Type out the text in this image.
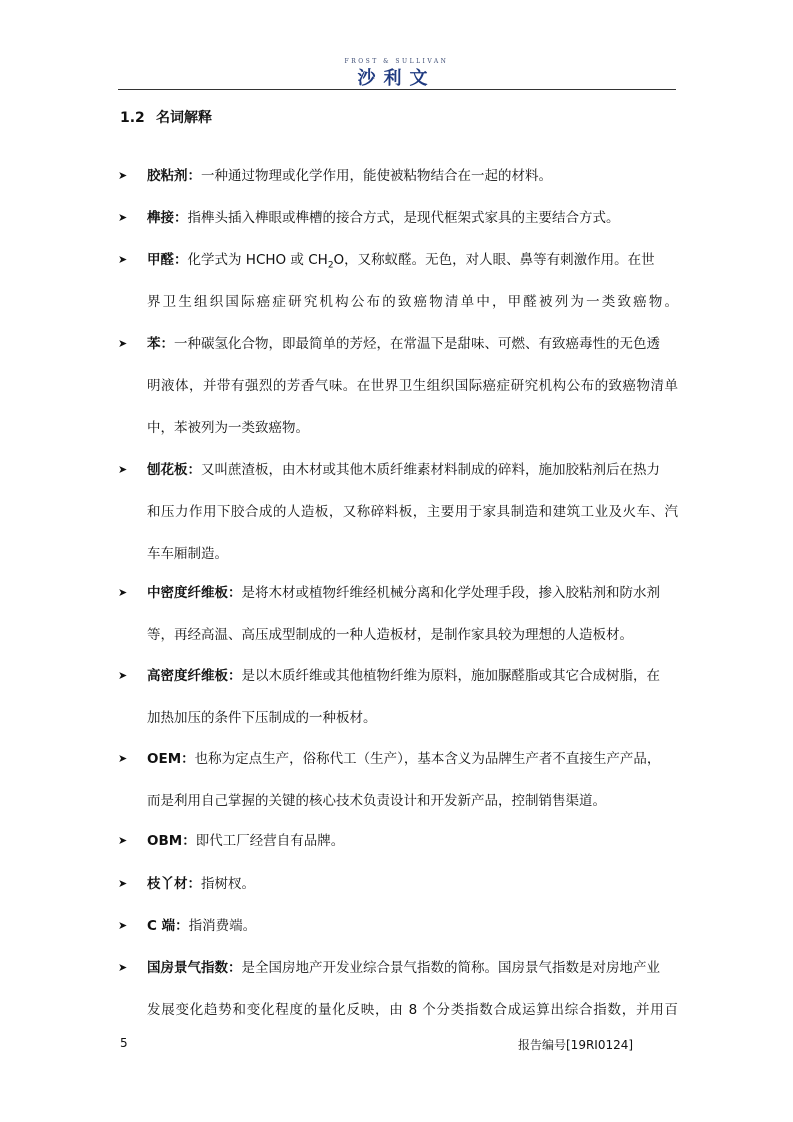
FROST & SULLIVAN
沙利文
1.2 名词解释
➤	胶粘剂：一种通过物理或化学作用，能使被粘物结合在一起的材料。
➤	榫接：指榫头插入榫眼或榫槽的接合方式，是现代框架式家具的主要结合方式。
➤	甲醛：化学式为 HCHO 或 $CH_2O$，又称蚁醛。无色，对人眼、鼻等有刺激作用。在世
界卫生组织国际癌症研究机构公布的致癌物清单中，甲醛被列为一类致癌物。
➤	苯：一种碳氢化合物，即最简单的芳烃，在常温下是甜味、可燃、有致癌毒性的无色透
明液体，并带有强烈的芳香气味。在世界卫生组织国际癌症研究机构公布的致癌物清单
中，苯被列为一类致癌物。
➤	刨花板：又叫蔗渣板，由木材或其他木质纤维素材料制成的碎料，施加胶粘剂后在热力
和压力作用下胶合成的人造板，又称碎料板，主要用于家具制造和建筑工业及火车、汽
车车厢制造。
➤	中密度纤维板：是将木材或植物纤维经机械分离和化学处理手段，掺入胶粘剂和防水剂
等，再经高温、高压成型制成的一种人造板材，是制作家具较为理想的人造板材。
➤	高密度纤维板：是以木质纤维或其他植物纤维为原料，施加脲醛脂或其它合成树脂，在
加热加压的条件下压制成的一种板材。
➤	OEM：也称为定点生产，俗称代工（生产），基本含义为品牌生产者不直接生产产品，
而是利用自己掌握的关键的核心技术负责设计和开发新产品，控制销售渠道。
➤	OBM：即代工厂经营自有品牌。
➤	枝丫材：指树杈。
➤	C 端：指消费端。
➤	国房景气指数：是全国房地产开发业综合景气指数的简称。国房景气指数是对房地产业
发展变化趋势和变化程度的量化反映，由 8 个分类指数合成运算出综合指数，并用百
5	报告编号[19RI0124]
